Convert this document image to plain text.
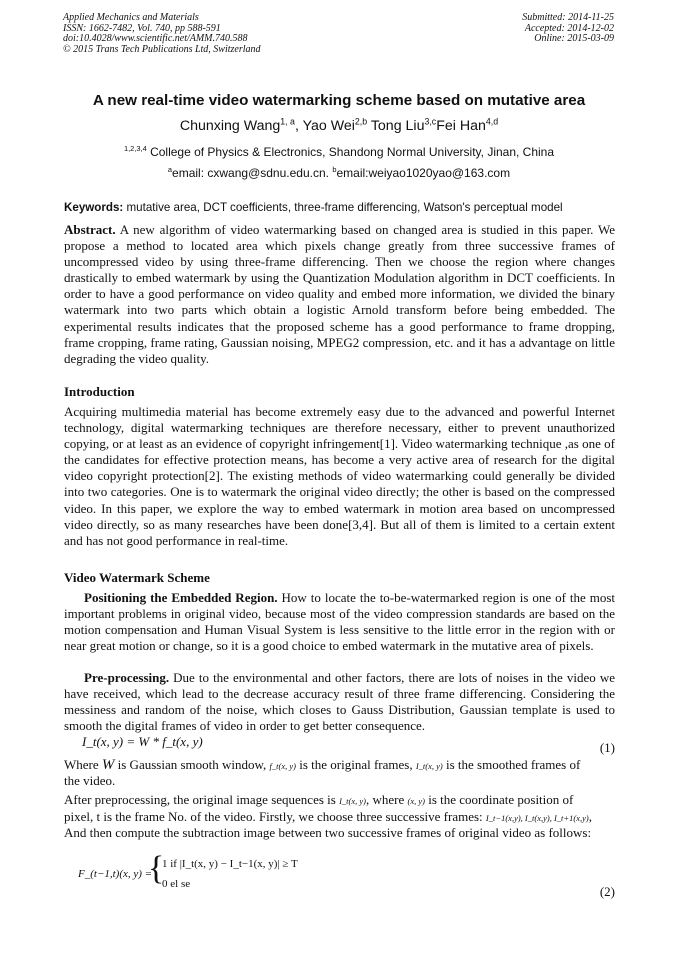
Applied Mechanics and Materials
ISSN: 1662-7482, Vol. 740, pp 588-591
doi:10.4028/www.scientific.net/AMM.740.588
© 2015 Trans Tech Publications Ltd, Switzerland
Submitted: 2014-11-25
Accepted: 2014-12-02
Online: 2015-03-09
A new real-time video watermarking scheme based on mutative area
Chunxing Wang$^{1, a}$, Yao Wei$^{2,b}$ Tong Liu$^{3,c}$Fei Han$^{4,d}$
$^{1,2,3,4}$ College of Physics & Electronics, Shandong Normal University, Jinan, China
$^a$email: cxwang@sdnu.edu.cn. $^b$email:weiyao1020yao@163.com
Keywords: mutative area, DCT coefficients, three-frame differencing, Watson's perceptual model
Abstract. A new algorithm of video watermarking based on changed area is studied in this paper. We propose a method to located area which pixels change greatly from three successive frames of uncompressed video by using three-frame differencing. Then we choose the region where changes drastically to embed watermark by using the Quantization Modulation algorithm in DCT coefficients. In order to have a good performance on video quality and embed more information, we divided the binary watermark into two parts which obtain a logistic Arnold transform before being embedded. The experimental results indicates that the proposed scheme has a good performance to frame dropping, frame cropping, frame rating, Gaussian noising, MPEG2 compression, etc. and it has a advantage on little degrading the video quality.
Introduction
Acquiring multimedia material has become extremely easy due to the advanced and powerful Internet technology, digital watermarking techniques are therefore necessary, either to prevent unauthorized copying, or at least as an evidence of copyright infringement[1]. Video watermarking technique ,as one of the candidates for effective protection means, has become a very active area of research for the digital video copyright protection[2]. The existing methods of video watermarking could generally be divided into two categories. One is to watermark the original video directly; the other is based on the compressed video. In this paper, we explore the way to embed watermark in motion area based on uncompressed video directly, so as many researches have been done[3,4]. But all of them is limited to a certain extent and has not good performance in real-time.
Video Watermark Scheme
Positioning the Embedded Region. How to locate the to-be-watermarked region is one of the most important problems in original video, because most of the video compression standards are based on the motion compensation and Human Visual System is less sensitive to the little error in the region with or near great motion or change, so it is a good choice to embed watermark in the mutative area of pixels.
Pre-processing. Due to the environmental and other factors, there are lots of noises in the video we have received, which lead to the decrease accuracy result of three frame differencing. Considering the messiness and random of the noise, which closes to Gauss Distribution, Gaussian template is used to smooth the digital frames of video in order to get better consequence.
I_t(x, y) = W * f_t(x, y)	(1)
Where W is Gaussian smooth window, f_t(x, y) is the original frames, I_t(x, y) is the smoothed frames of
the video.
After preprocessing, the original image sequences is I_t(x, y), where (x, y) is the coordinate position of
pixel, t is the frame No. of the video. Firstly, we choose three successive frames: I_t−1(x,y), I_t(x,y), I_t+1(x,y),
And then compute the subtraction image between two successive frames of original video as follows:
F_(t−1,t)(x, y) =
{
1 if |I_t(x, y) − I_t−1(x, y)| ≥ T
0 el se	(2)
